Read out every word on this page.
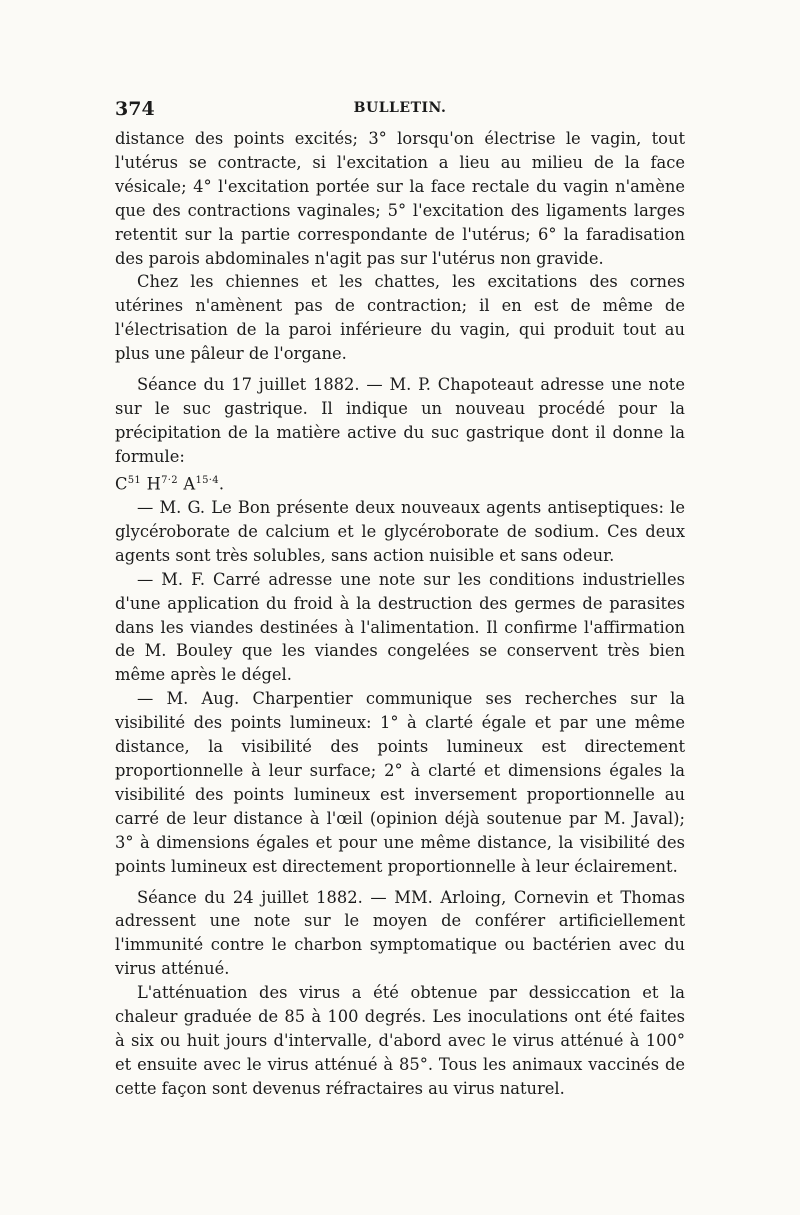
374	BULLETIN.

distance des points excités; 3° lorsqu'on électrise le vagin, tout l'utérus se contracte, si l'excitation a lieu au milieu de la face vésicale; 4° l'excitation portée sur la face rectale du vagin n'amène que des contractions vaginales; 5° l'excitation des ligaments larges retentit sur la partie correspondante de l'utérus; 6° la faradisation des parois abdominales n'agit pas sur l'utérus non gravide.

Chez les chiennes et les chattes, les excitations des cornes utérines n'amènent pas de contraction; il en est de même de l'électrisation de la paroi inférieure du vagin, qui produit tout au plus une pâleur de l'organe.

Séance du 17 juillet 1882. — M. P. Chapoteaut adresse une note sur le suc gastrique. Il indique un nouveau procédé pour la précipitation de la matière active du suc gastrique dont il donne la formule:

$C^{51}$ $H^{7\cdot 2}$ $A^{15\cdot 4}$.

— M. G. Le Bon présente deux nouveaux agents antiseptiques: le glycéroborate de calcium et le glycéroborate de sodium. Ces deux agents sont très solubles, sans action nuisible et sans odeur.

— M. F. Carré adresse une note sur les conditions industrielles d'une application du froid à la destruction des germes de parasites dans les viandes destinées à l'alimentation. Il confirme l'affirmation de M. Bouley que les viandes congelées se conservent très bien même après le dégel.

— M. Aug. Charpentier communique ses recherches sur la visibilité des points lumineux: 1° à clarté égale et par une même distance, la visibilité des points lumineux est directement proportionnelle à leur surface; 2° à clarté et dimensions égales la visibilité des points lumineux est inversement proportionnelle au carré de leur distance à l'œil (opinion déjà soutenue par M. Javal); 3° à dimensions égales et pour une même distance, la visibilité des points lumineux est directement proportionnelle à leur éclairement.

Séance du 24 juillet 1882. — MM. Arloing, Cornevin et Thomas adressent une note sur le moyen de conférer artificiellement l'immunité contre le charbon symptomatique ou bactérien avec du virus atténué.

L'atténuation des virus a été obtenue par dessiccation et la chaleur graduée de 85 à 100 degrés. Les inoculations ont été faites à six ou huit jours d'intervalle, d'abord avec le virus atténué à 100° et ensuite avec le virus atténué à 85°. Tous les animaux vaccinés de cette façon sont devenus réfractaires au virus naturel.
